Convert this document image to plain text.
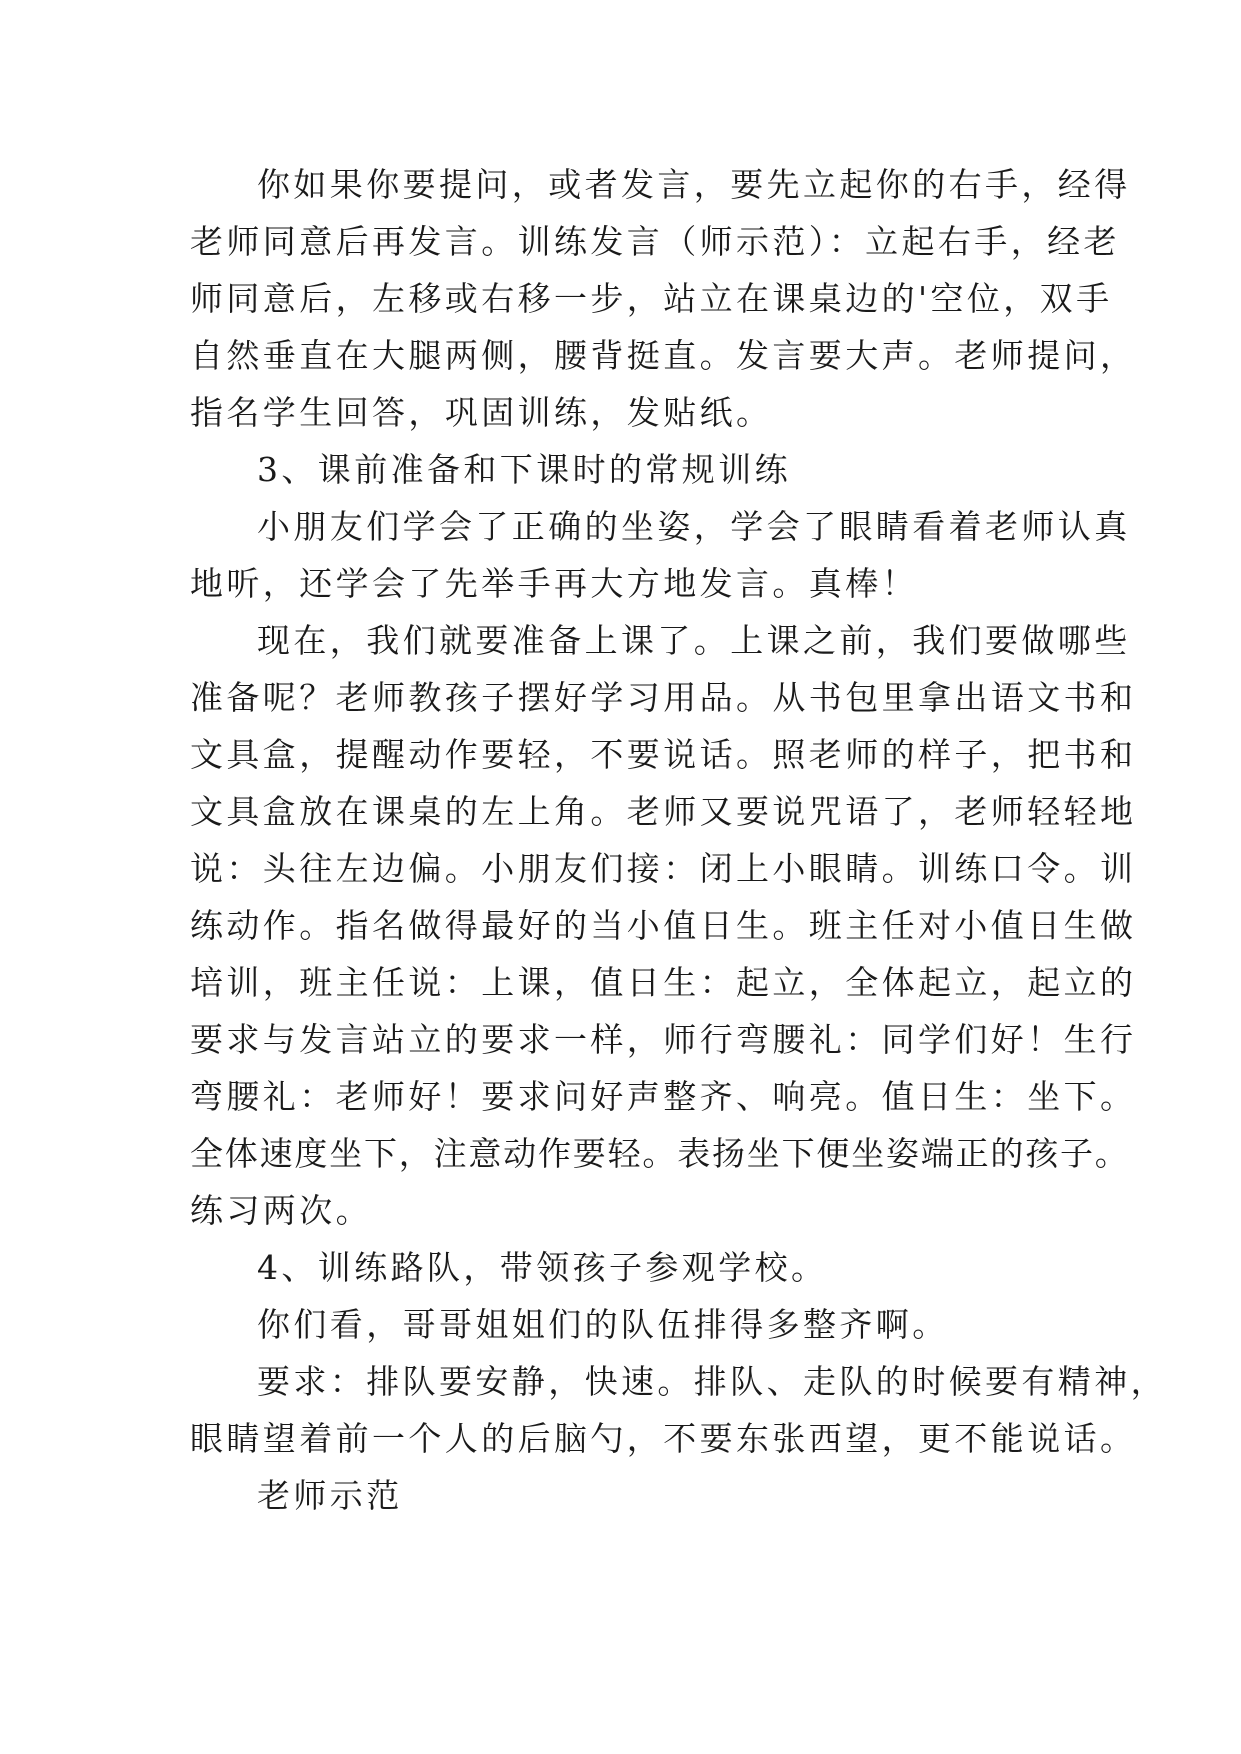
你如果你要提问，或者发言，要先立起你的右手，经得
老师同意后再发言。训练发言（师示范）：立起右手，经老
师同意后，左移或右移一步，站立在课桌边的'空位，双手
自然垂直在大腿两侧，腰背挺直。发言要大声。老师提问，
指名学生回答，巩固训练，发贴纸。
3、课前准备和下课时的常规训练
小朋友们学会了正确的坐姿，学会了眼睛看着老师认真
地听，还学会了先举手再大方地发言。真棒！
现在，我们就要准备上课了。上课之前，我们要做哪些
准备呢？老师教孩子摆好学习用品。从书包里拿出语文书和
文具盒，提醒动作要轻，不要说话。照老师的样子，把书和
文具盒放在课桌的左上角。老师又要说咒语了，老师轻轻地
说：头往左边偏。小朋友们接：闭上小眼睛。训练口令。训
练动作。指名做得最好的当小值日生。班主任对小值日生做
培训，班主任说：上课，值日生：起立，全体起立，起立的
要求与发言站立的要求一样，师行弯腰礼：同学们好！生行
弯腰礼：老师好！要求问好声整齐、响亮。值日生：坐下。
全体速度坐下，注意动作要轻。表扬坐下便坐姿端正的孩子。
练习两次。
4、训练路队，带领孩子参观学校。
你们看，哥哥姐姐们的队伍排得多整齐啊。
要求：排队要安静，快速。排队、走队的时候要有精神，
眼睛望着前一个人的后脑勺，不要东张西望，更不能说话。
老师示范
